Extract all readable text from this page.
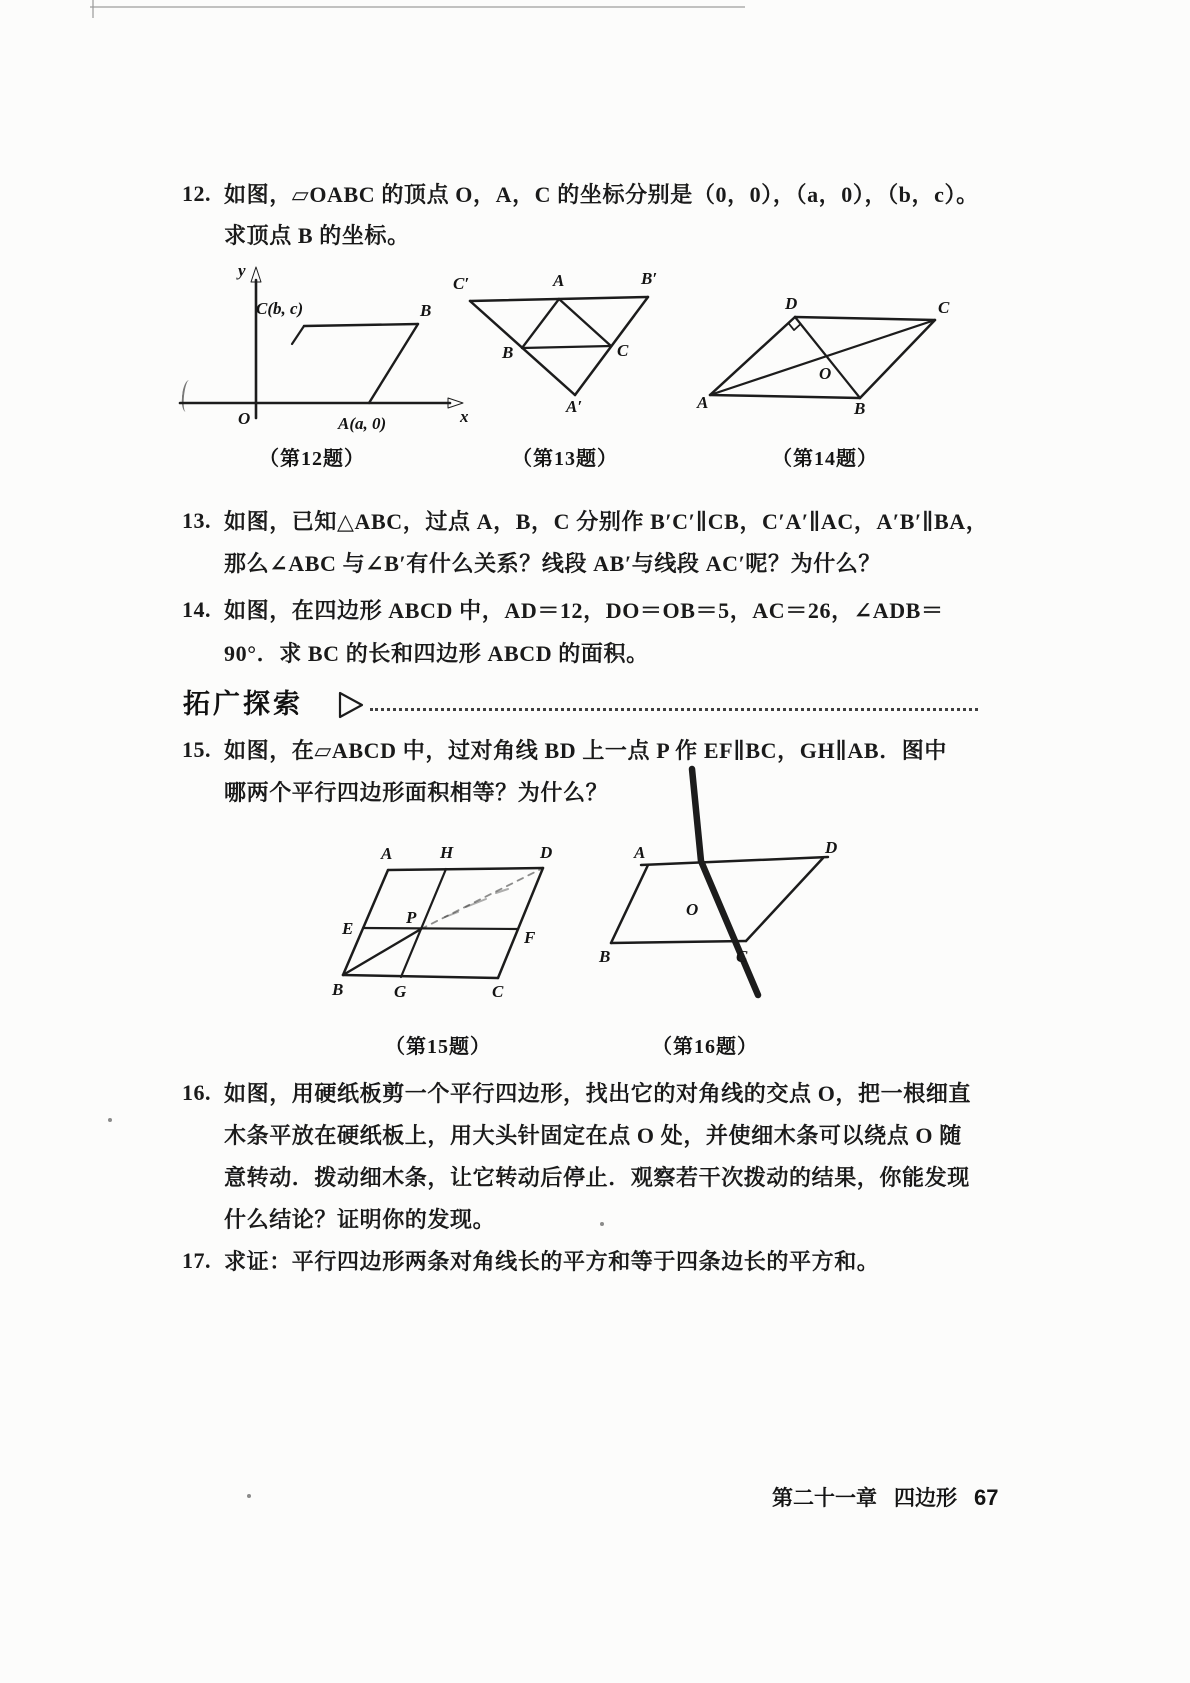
12. 如图，▱OABC 的顶点 O，A，C 的坐标分别是（0，0），（a，0），（b，c）。
求顶点 B 的坐标。
y
x
O
C(b, c)	B
A(a, 0)
（第12题）
C′	A	B′
B	C
A′
（第13题）
D	C
O
A	B
（第14题）
13. 如图，已知△ABC，过点 A，B，C 分别作 B′C′∥CB，C′A′∥AC，A′B′∥BA，
那么∠ABC 与∠B′有什么关系？线段 AB′与线段 AC′呢？为什么？
14. 如图，在四边形 ABCD 中，AD＝12，DO＝OB＝5，AC＝26，∠ADB＝
90°．求 BC 的长和四边形 ABCD 的面积。
拓广探索
15. 如图，在▱ABCD 中，过对角线 BD 上一点 P 作 EF∥BC，GH∥AB．图中
哪两个平行四边形面积相等？为什么？
A	H	D
E
P
F
B	G	C
A	D
O
B	C
（第15题）	（第16题）
16. 如图，用硬纸板剪一个平行四边形，找出它的对角线的交点 O，把一根细直
木条平放在硬纸板上，用大头针固定在点 O 处，并使细木条可以绕点 O 随
意转动．拨动细木条，让它转动后停止．观察若干次拨动的结果，你能发现
什么结论？证明你的发现。
17. 求证：平行四边形两条对角线长的平方和等于四条边长的平方和。
第二十一章 四边形 67
